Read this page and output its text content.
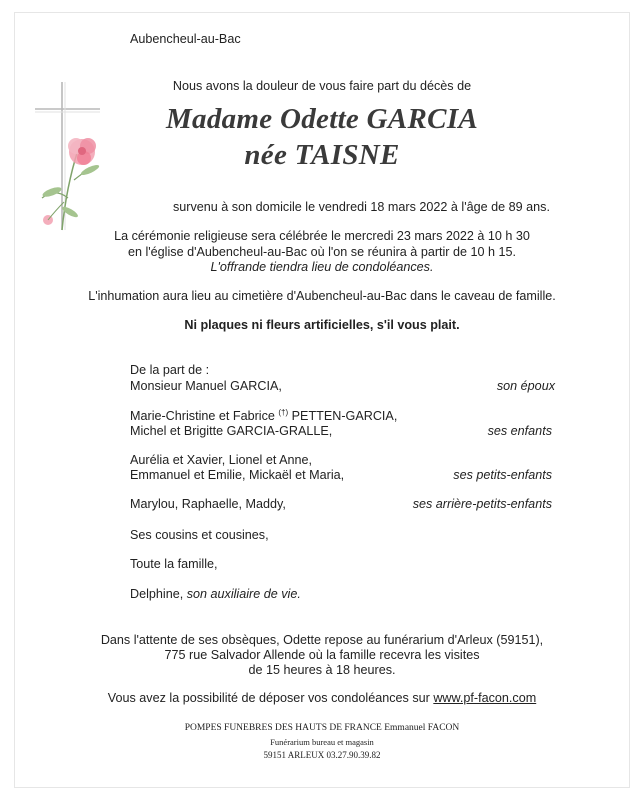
Aubencheul-au-Bac
Nous avons la douleur de vous faire part du décès de
Madame Odette GARCIA
née TAISNE
survenu à son domicile le vendredi 18 mars 2022 à l'âge de 89 ans.
La cérémonie religieuse sera célébrée le mercredi 23 mars 2022 à 10 h 30
en l'église d'Aubencheul-au-Bac où l'on se réunira à partir de 10 h 15.
L'offrande tiendra lieu de condoléances.
L'inhumation aura lieu au cimetière d'Aubencheul-au-Bac dans le caveau de famille.
Ni plaques ni fleurs artificielles, s'il vous plait.
De la part de :
Monsieur Manuel GARCIA,	son époux
Marie-Christine et Fabrice (†) PETTEN-GARCIA,
Michel et Brigitte GARCIA-GRALLE,	ses enfants
Aurélia et Xavier, Lionel et Anne,
Emmanuel et Emilie, Mickaël et Maria,	ses petits-enfants
Marylou, Raphaelle, Maddy,	ses arrière-petits-enfants
Ses cousins et cousines,
Toute la famille,
Delphine, son auxiliaire de vie.
Dans l'attente de ses obsèques, Odette repose au funérarium d'Arleux (59151),
775 rue Salvador Allende où la famille recevra les visites
de 15 heures à 18 heures.
Vous avez la possibilité de déposer vos condoléances sur www.pf-facon.com
POMPES FUNEBRES DES HAUTS DE FRANCE Emmanuel FACON
Funérarium bureau et magasin
59151 ARLEUX 03.27.90.39.82
